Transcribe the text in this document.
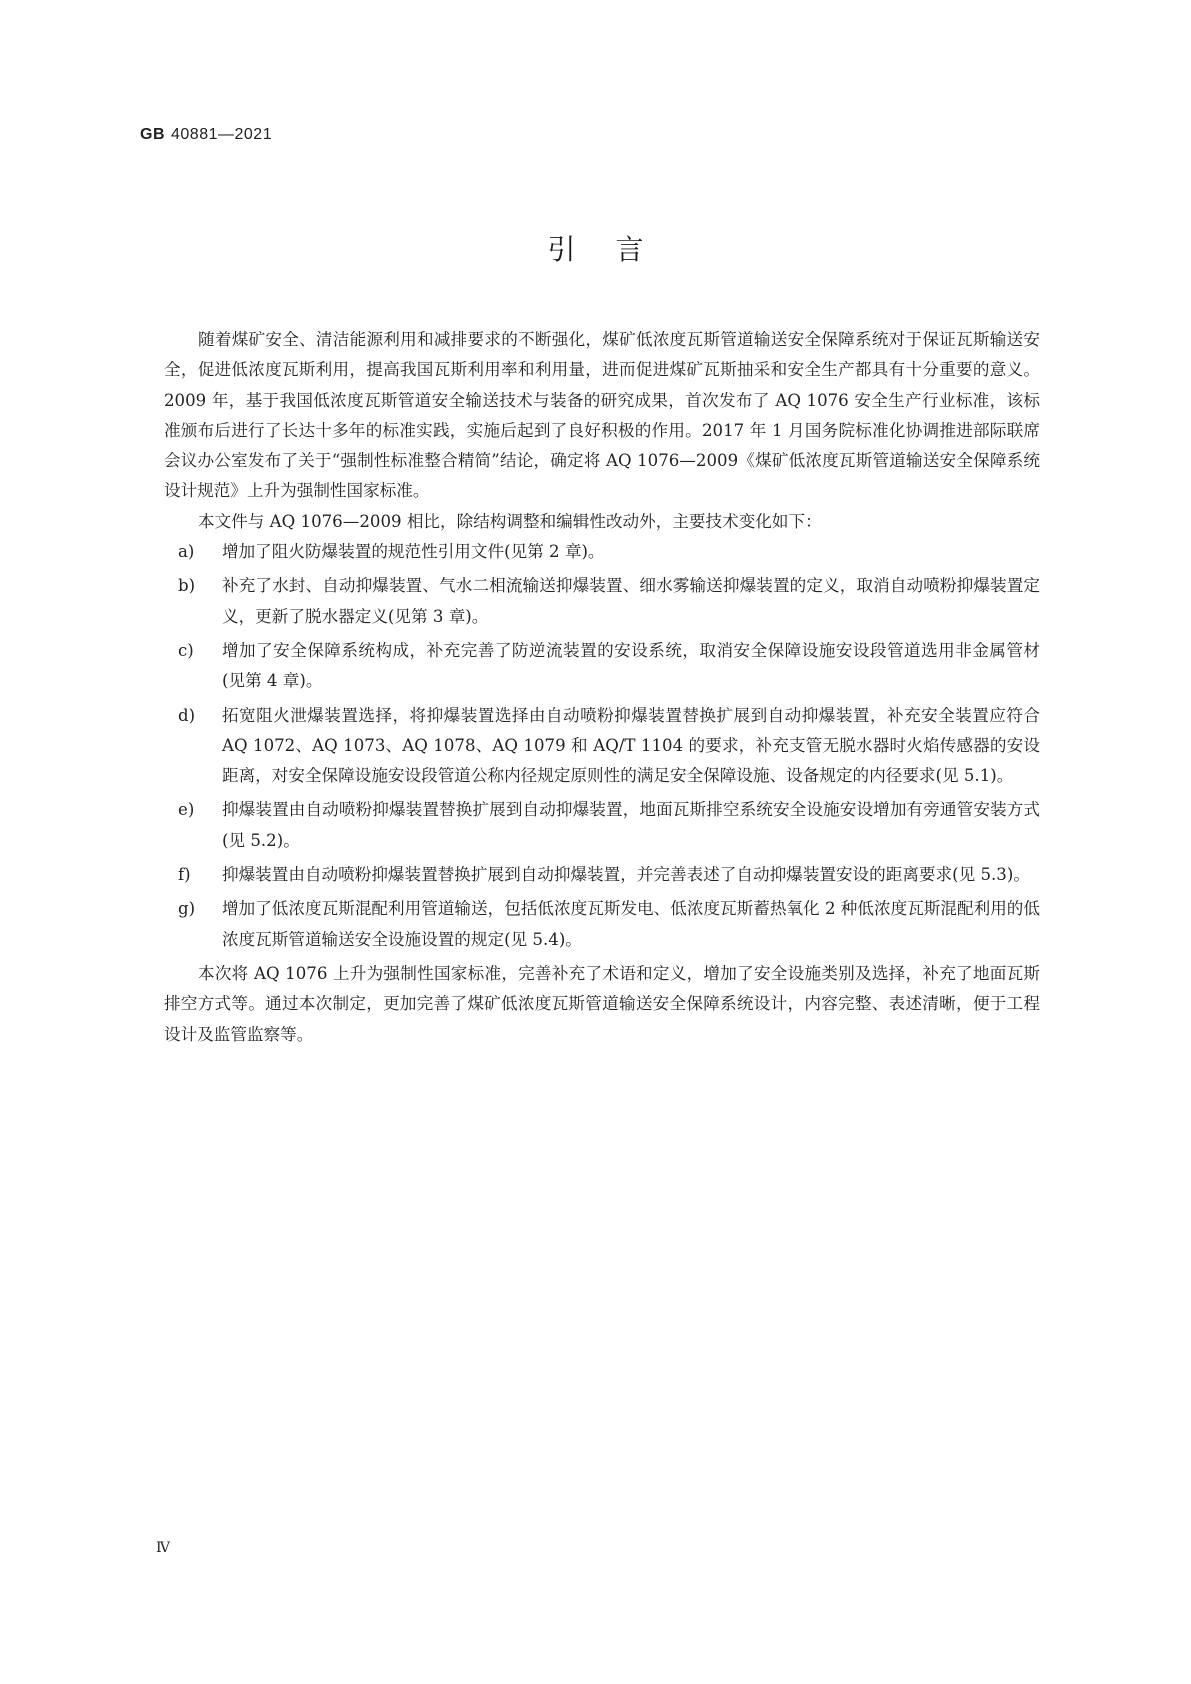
GB 40881—2021
引言

随着煤矿安全、清洁能源利用和减排要求的不断强化，煤矿低浓度瓦斯管道输送安全保障系统对于保证瓦斯输送安全，促进低浓度瓦斯利用，提高我国瓦斯利用率和利用量，进而促进煤矿瓦斯抽采和安全生产都具有十分重要的意义。2009 年，基于我国低浓度瓦斯管道安全输送技术与装备的研究成果，首次发布了 AQ 1076 安全生产行业标准，该标准颁布后进行了长达十多年的标准实践，实施后起到了良好积极的作用。2017 年 1 月国务院标准化协调推进部际联席会议办公室发布了关于“强制性标准整合精简”结论，确定将 AQ 1076—2009《煤矿低浓度瓦斯管道输送安全保障系统设计规范》上升为强制性国家标准。

本文件与 AQ 1076—2009 相比，除结构调整和编辑性改动外，主要技术变化如下：

a)	增加了阻火防爆装置的规范性引用文件(见第 2 章)。
b)	补充了水封、自动抑爆装置、气水二相流输送抑爆装置、细水雾输送抑爆装置的定义，取消自动喷粉抑爆装置定义，更新了脱水器定义(见第 3 章)。
c)	增加了安全保障系统构成，补充完善了防逆流装置的安设系统，取消安全保障设施安设段管道选用非金属管材(见第 4 章)。
d)	拓宽阻火泄爆装置选择，将抑爆装置选择由自动喷粉抑爆装置替换扩展到自动抑爆装置，补充安全装置应符合 AQ 1072、AQ 1073、AQ 1078、AQ 1079 和 AQ/T 1104 的要求，补充支管无脱水器时火焰传感器的安设距离，对安全保障设施安设段管道公称内径规定原则性的满足安全保障设施、设备规定的内径要求(见 5.1)。
e)	抑爆装置由自动喷粉抑爆装置替换扩展到自动抑爆装置，地面瓦斯排空系统安全设施安设增加有旁通管安装方式(见 5.2)。
f)	抑爆装置由自动喷粉抑爆装置替换扩展到自动抑爆装置，并完善表述了自动抑爆装置安设的距离要求(见 5.3)。
g)	增加了低浓度瓦斯混配利用管道输送，包括低浓度瓦斯发电、低浓度瓦斯蓄热氧化 2 种低浓度瓦斯混配利用的低浓度瓦斯管道输送安全设施设置的规定(见 5.4)。

本次将 AQ 1076 上升为强制性国家标准，完善补充了术语和定义，增加了安全设施类别及选择，补充了地面瓦斯排空方式等。通过本次制定，更加完善了煤矿低浓度瓦斯管道输送安全保障系统设计，内容完整、表述清晰，便于工程设计及监管监察等。

Ⅳ
